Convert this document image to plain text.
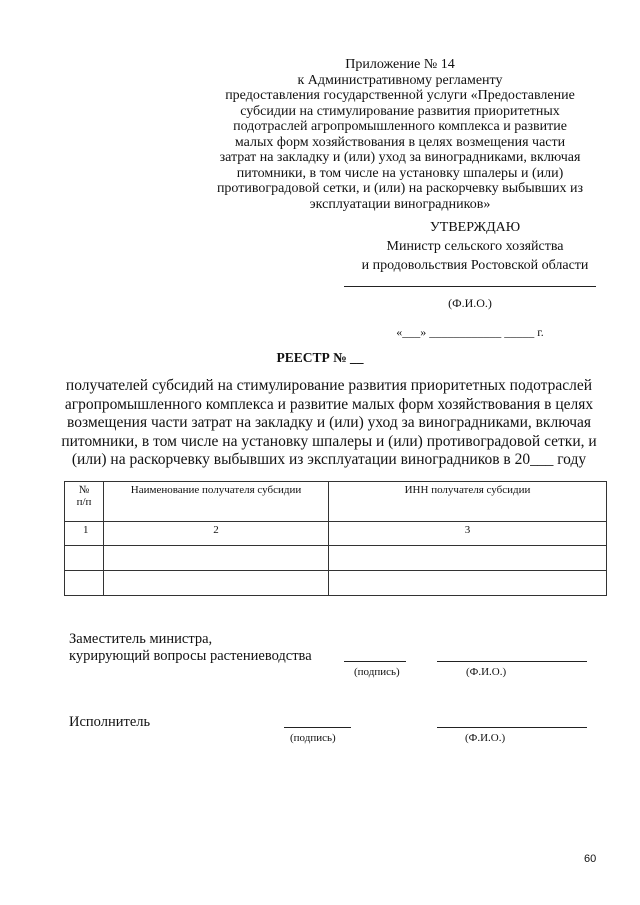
Приложение № 14
к Административному регламенту
предоставления государственной услуги «Предоставление
субсидии на стимулирование развития приоритетных
подотраслей агропромышленного комплекса и развитие
малых форм хозяйствования в целях возмещения части
затрат на закладку и (или) уход за виноградниками, включая
питомники, в том числе на установку шпалеры и (или)
противоградовой сетки, и (или) на раскорчевку выбывших из
эксплуатации виноградников»
УТВЕРЖДАЮ
Министр сельского хозяйства
и продовольствия Ростовской области
(Ф.И.О.)
«___» ____________ _____ г.
РЕЕСТР № __
получателей субсидий на стимулирование развития приоритетных подотраслей
агропромышленного комплекса и развитие малых форм хозяйствования в целях
возмещения части затрат на закладку и (или) уход за виноградниками, включая
питомники, в том числе на установку шпалеры и (или) противоградовой сетки, и
(или) на раскорчевку выбывших из эксплуатации виноградников в 20___ году
№
п/п	Наименование получателя субсидии	ИНН получателя субсидии
1	2	3

Заместитель министра,
курирующий вопросы растениеводства
(подпись)	(Ф.И.О.)
Исполнитель
(подпись)	(Ф.И.О.)
60
